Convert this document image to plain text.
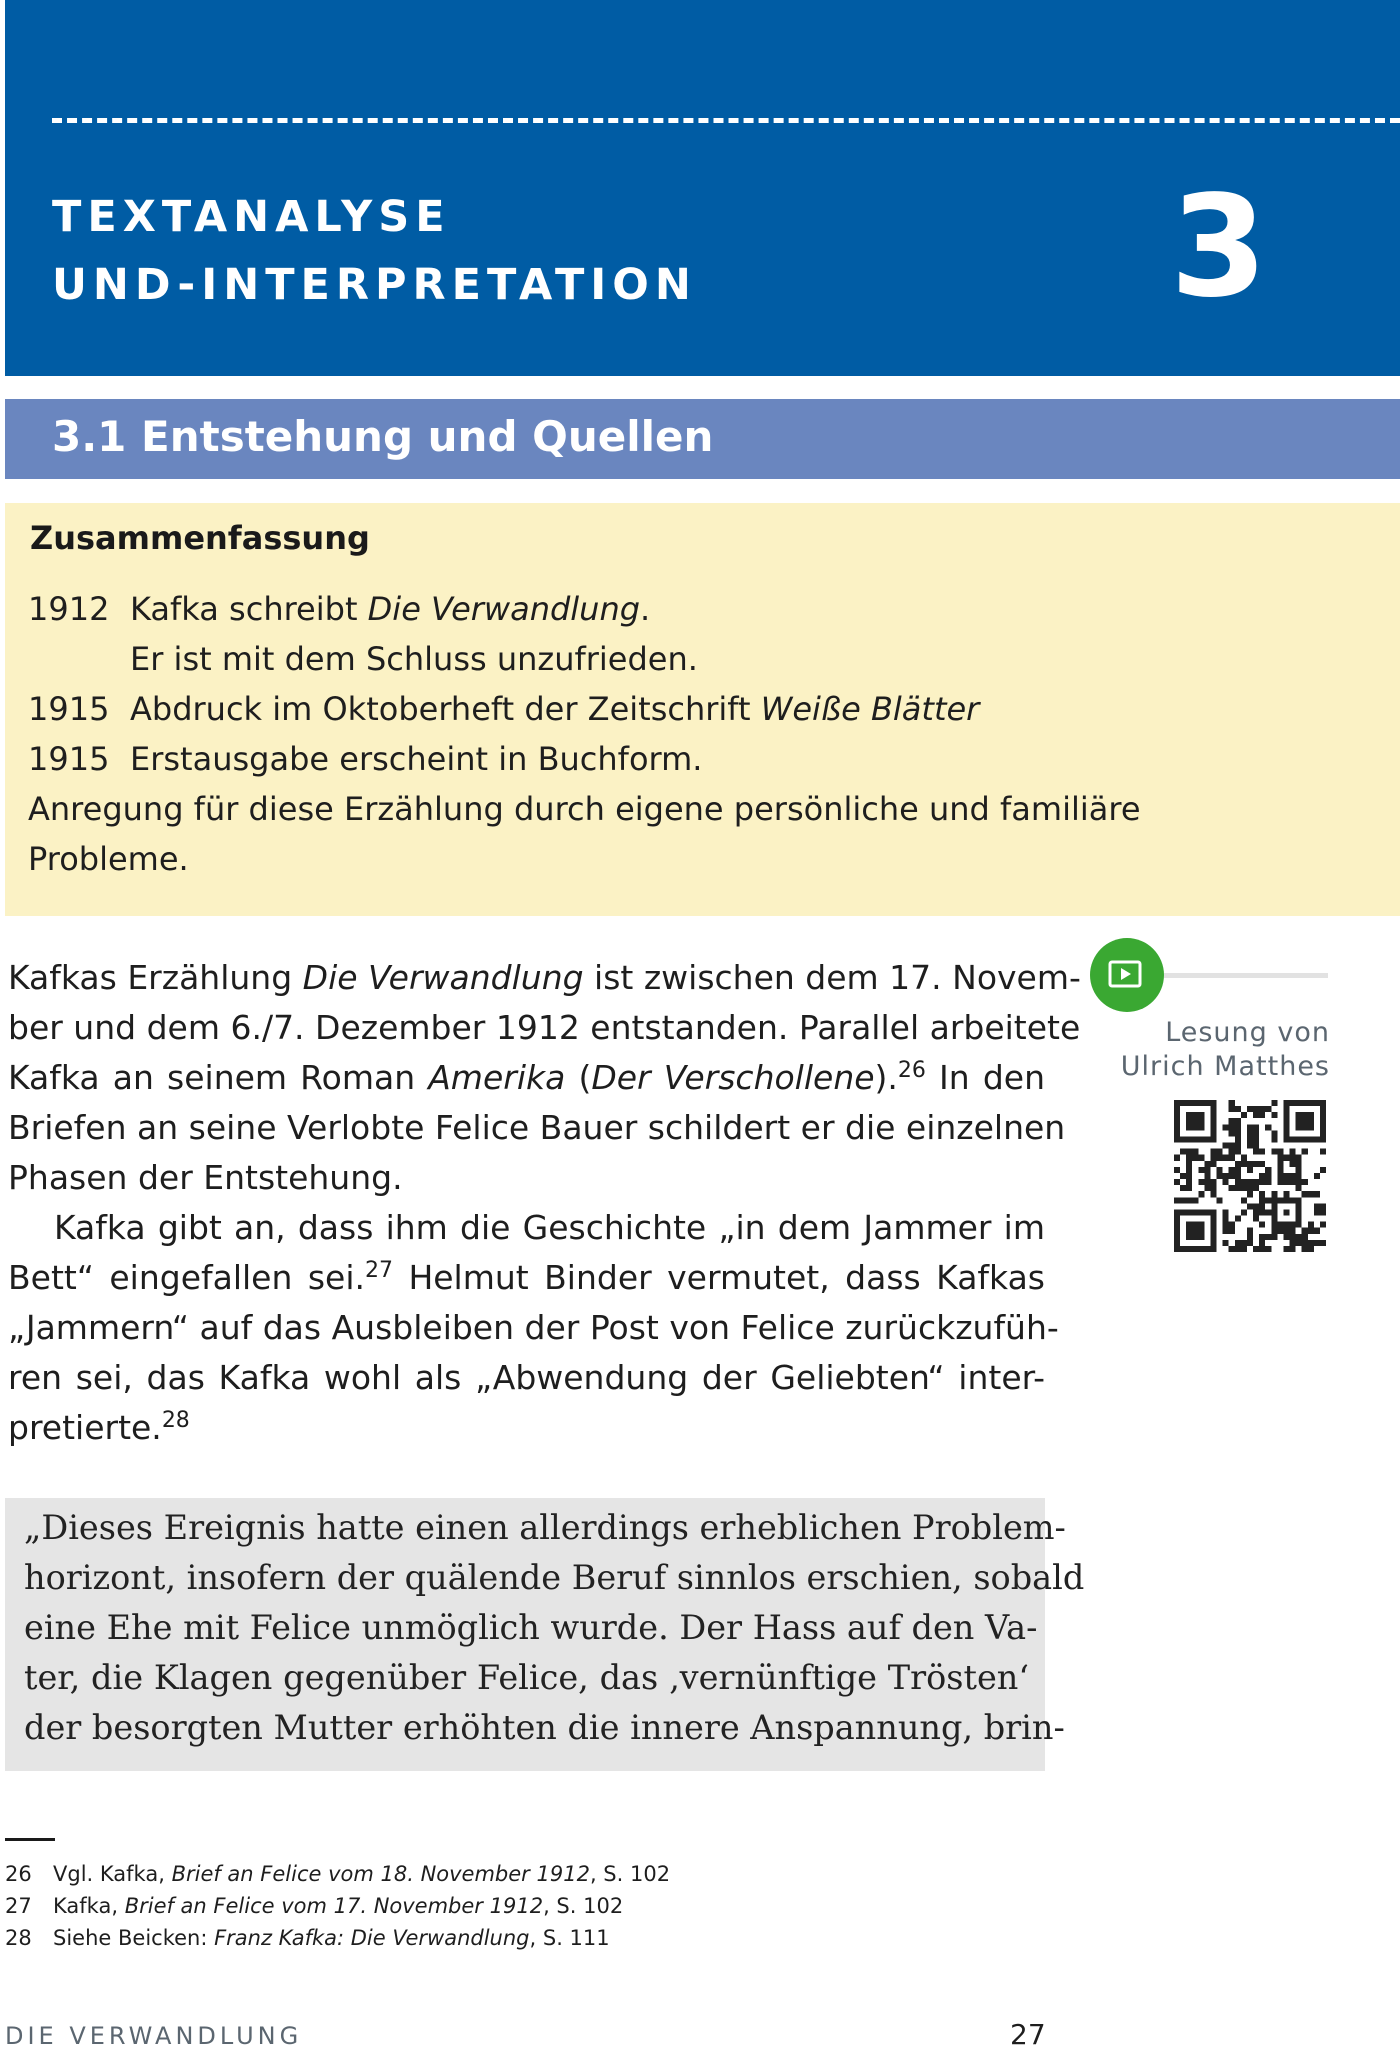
TEXTANALYSE
UND-INTERPRETATION	3
3.1 Entstehung und Quellen
Zusammenfassung
1912 Kafka schreibt Die Verwandlung.
Er ist mit dem Schluss unzufrieden.
1915 Abdruck im Oktoberheft der Zeitschrift Weiße Blätter
1915 Erstausgabe erscheint in Buchform.
Anregung für diese Erzählung durch eigene persönliche und familiäre
Probleme.
Kafkas Erzählung Die Verwandlung ist zwischen dem 17. Novem-
ber und dem 6./7. Dezember 1912 entstanden. Parallel arbeitete
Kafka an seinem Roman Amerika (Der Verschollene).$^{26}$ In den
Briefen an seine Verlobte Felice Bauer schildert er die einzelnen
Phasen der Entstehung.
Kafka gibt an, dass ihm die Geschichte „in dem Jammer im
Bett“ eingefallen sei.$^{27}$ Helmut Binder vermutet, dass Kafkas
„Jammern“ auf das Ausbleiben der Post von Felice zurückzufüh-
ren sei, das Kafka wohl als „Abwendung der Geliebten“ inter-
pretierte.$^{28}$
Lesung von
Ulrich Matthes
„Dieses Ereignis hatte einen allerdings erheblichen Problem-
horizont, insofern der quälende Beruf sinnlos erschien, sobald
eine Ehe mit Felice unmöglich wurde. Der Hass auf den Va-
ter, die Klagen gegenüber Felice, das ‚vernünftige Trösten‘
der besorgten Mutter erhöhten die innere Anspannung, brin-
26 Vgl. Kafka, Brief an Felice vom 18. November 1912, S. 102
27 Kafka, Brief an Felice vom 17. November 1912, S. 102
28 Siehe Beicken: Franz Kafka: Die Verwandlung, S. 111
DIE VERWANDLUNG	27
